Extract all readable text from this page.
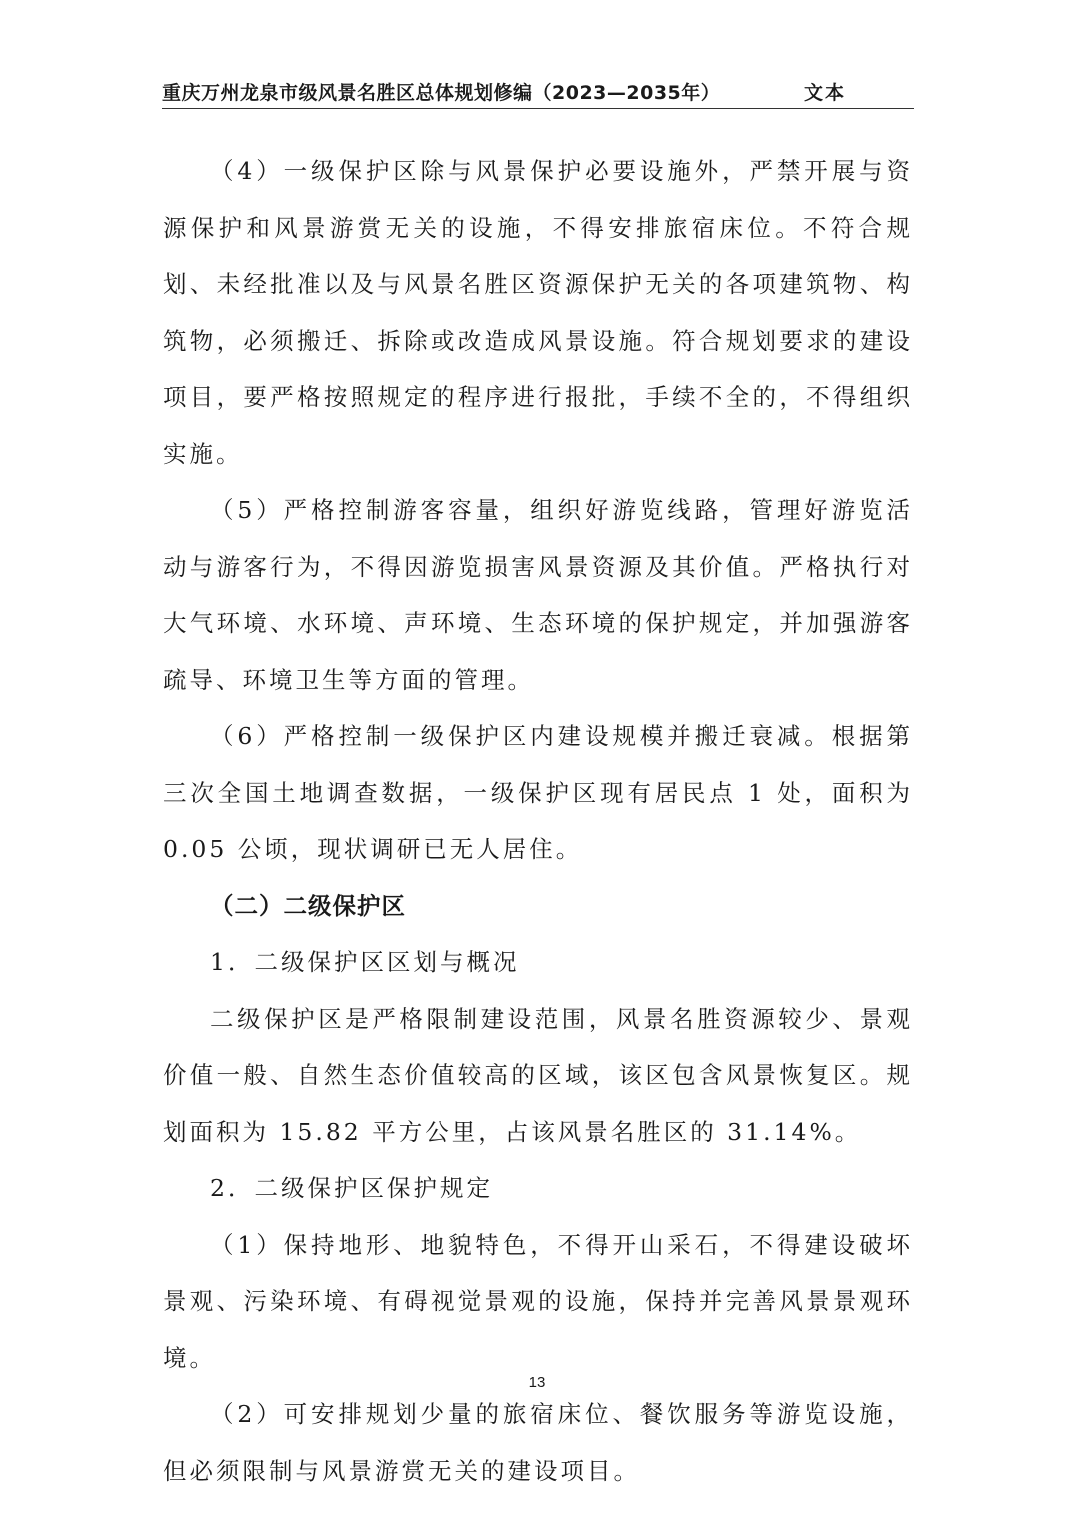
重庆万州龙泉市级风景名胜区总体规划修编（2023—2035年）	文本

（4）一级保护区除与风景保护必要设施外，严禁开展与资源保护和风景游赏无关的设施，不得安排旅宿床位。不符合规划、未经批准以及与风景名胜区资源保护无关的各项建筑物、构筑物，必须搬迁、拆除或改造成风景设施。符合规划要求的建设项目，要严格按照规定的程序进行报批，手续不全的，不得组织实施。

（5）严格控制游客容量，组织好游览线路，管理好游览活动与游客行为，不得因游览损害风景资源及其价值。严格执行对大气环境、水环境、声环境、生态环境的保护规定，并加强游客疏导、环境卫生等方面的管理。

（6）严格控制一级保护区内建设规模并搬迁衰减。根据第三次全国土地调查数据，一级保护区现有居民点 1 处，面积为 0.05 公顷，现状调研已无人居住。

（二）二级保护区

1．二级保护区区划与概况

二级保护区是严格限制建设范围，风景名胜资源较少、景观价值一般、自然生态价值较高的区域，该区包含风景恢复区。规划面积为 15.82 平方公里，占该风景名胜区的 31.14%。

2．二级保护区保护规定

（1）保持地形、地貌特色，不得开山采石，不得建设破坏景观、污染环境、有碍视觉景观的设施，保持并完善风景景观环境。

（2）可安排规划少量的旅宿床位、餐饮服务等游览设施，但必须限制与风景游赏无关的建设项目。

13
